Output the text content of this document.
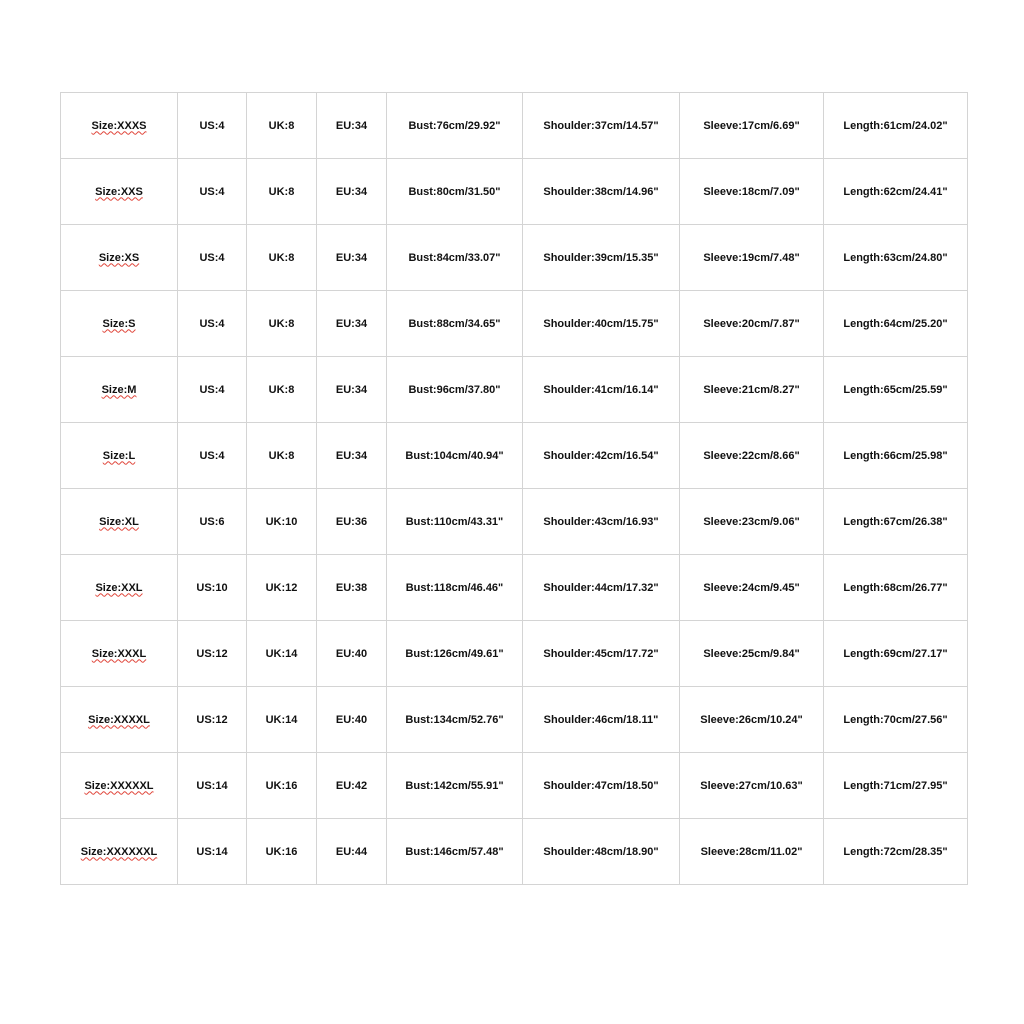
Size:XXXS	US:4	UK:8	EU:34	Bust:76cm/29.92"	Shoulder:37cm/14.57"	Sleeve:17cm/6.69"	Length:61cm/24.02"
Size:XXS	US:4	UK:8	EU:34	Bust:80cm/31.50"	Shoulder:38cm/14.96"	Sleeve:18cm/7.09"	Length:62cm/24.41"
Size:XS	US:4	UK:8	EU:34	Bust:84cm/33.07"	Shoulder:39cm/15.35"	Sleeve:19cm/7.48"	Length:63cm/24.80"
Size:S	US:4	UK:8	EU:34	Bust:88cm/34.65"	Shoulder:40cm/15.75"	Sleeve:20cm/7.87"	Length:64cm/25.20"
Size:M	US:4	UK:8	EU:34	Bust:96cm/37.80"	Shoulder:41cm/16.14"	Sleeve:21cm/8.27"	Length:65cm/25.59"
Size:L	US:4	UK:8	EU:34	Bust:104cm/40.94"	Shoulder:42cm/16.54"	Sleeve:22cm/8.66"	Length:66cm/25.98"
Size:XL	US:6	UK:10	EU:36	Bust:110cm/43.31"	Shoulder:43cm/16.93"	Sleeve:23cm/9.06"	Length:67cm/26.38"
Size:XXL	US:10	UK:12	EU:38	Bust:118cm/46.46"	Shoulder:44cm/17.32"	Sleeve:24cm/9.45"	Length:68cm/26.77"
Size:XXXL	US:12	UK:14	EU:40	Bust:126cm/49.61"	Shoulder:45cm/17.72"	Sleeve:25cm/9.84"	Length:69cm/27.17"
Size:XXXXL	US:12	UK:14	EU:40	Bust:134cm/52.76"	Shoulder:46cm/18.11"	Sleeve:26cm/10.24"	Length:70cm/27.56"
Size:XXXXXL	US:14	UK:16	EU:42	Bust:142cm/55.91"	Shoulder:47cm/18.50"	Sleeve:27cm/10.63"	Length:71cm/27.95"
Size:XXXXXXL	US:14	UK:16	EU:44	Bust:146cm/57.48"	Shoulder:48cm/18.90"	Sleeve:28cm/11.02"	Length:72cm/28.35"
